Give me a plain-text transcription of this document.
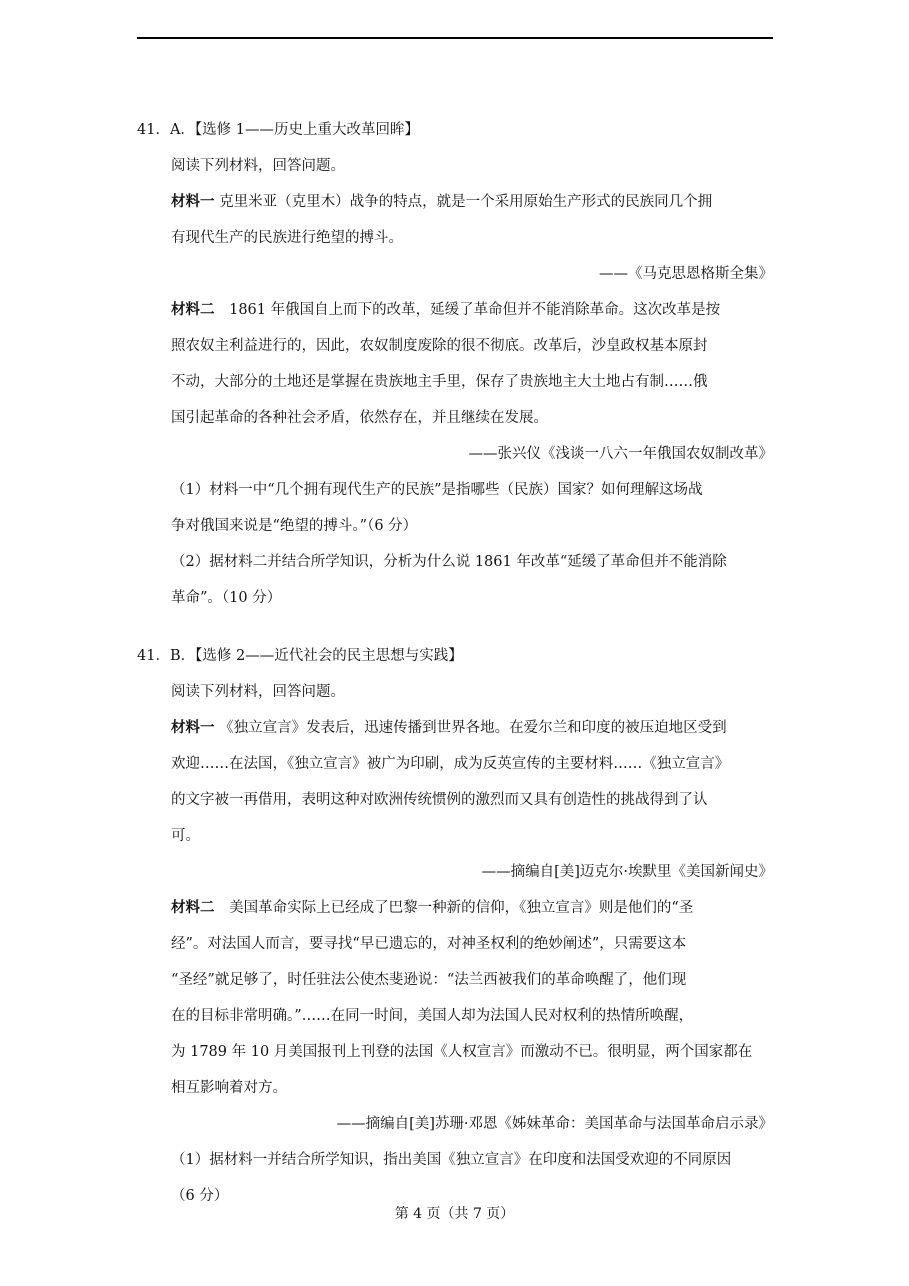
41．A．【选修 1——历史上重大改革回眸】
阅读下列材料，回答问题。
材料一 克里米亚（克里木）战争的特点，就是一个采用原始生产形式的民族同几个拥
有现代生产的民族进行绝望的搏斗。
——《马克思恩格斯全集》
材料二 1861 年俄国自上而下的改革，延缓了革命但并不能消除革命。这次改革是按
照农奴主利益进行的，因此，农奴制度废除的很不彻底。改革后，沙皇政权基本原封
不动，大部分的土地还是掌握在贵族地主手里，保存了贵族地主大土地占有制……俄
国引起革命的各种社会矛盾，依然存在，并且继续在发展。
——张兴仪《浅谈一八六一年俄国农奴制改革》
（1）材料一中“几个拥有现代生产的民族”是指哪些（民族）国家？如何理解这场战
争对俄国来说是“绝望的搏斗。”（6 分）
（2）据材料二并结合所学知识，分析为什么说 1861 年改革“延缓了革命但并不能消除
革命”。（10 分）
41．B．【选修 2——近代社会的民主思想与实践】
阅读下列材料，回答问题。
材料一 《独立宣言》发表后，迅速传播到世界各地。在爱尔兰和印度的被压迫地区受到
欢迎……在法国，《独立宣言》被广为印刷，成为反英宣传的主要材料……《独立宣言》
的文字被一再借用，表明这种对欧洲传统惯例的激烈而又具有创造性的挑战得到了认
可。
——摘编自[美]迈克尔·埃默里《美国新闻史》
材料二 美国革命实际上已经成了巴黎一种新的信仰，《独立宣言》则是他们的“圣
经”。对法国人而言，要寻找“早已遗忘的，对神圣权利的绝妙阐述”，只需要这本
“圣经”就足够了，时任驻法公使杰斐逊说：“法兰西被我们的革命唤醒了，他们现
在的目标非常明确。”……在同一时间，美国人却为法国人民对权利的热情所唤醒，
为 1789 年 10 月美国报刊上刊登的法国《人权宣言》而激动不已。很明显，两个国家都在
相互影响着对方。
——摘编自[美]苏珊·邓恩《姊妹革命：美国革命与法国革命启示录》
（1）据材料一并结合所学知识，指出美国《独立宣言》在印度和法国受欢迎的不同原因
（6 分）
第 4 页（共 7 页）
